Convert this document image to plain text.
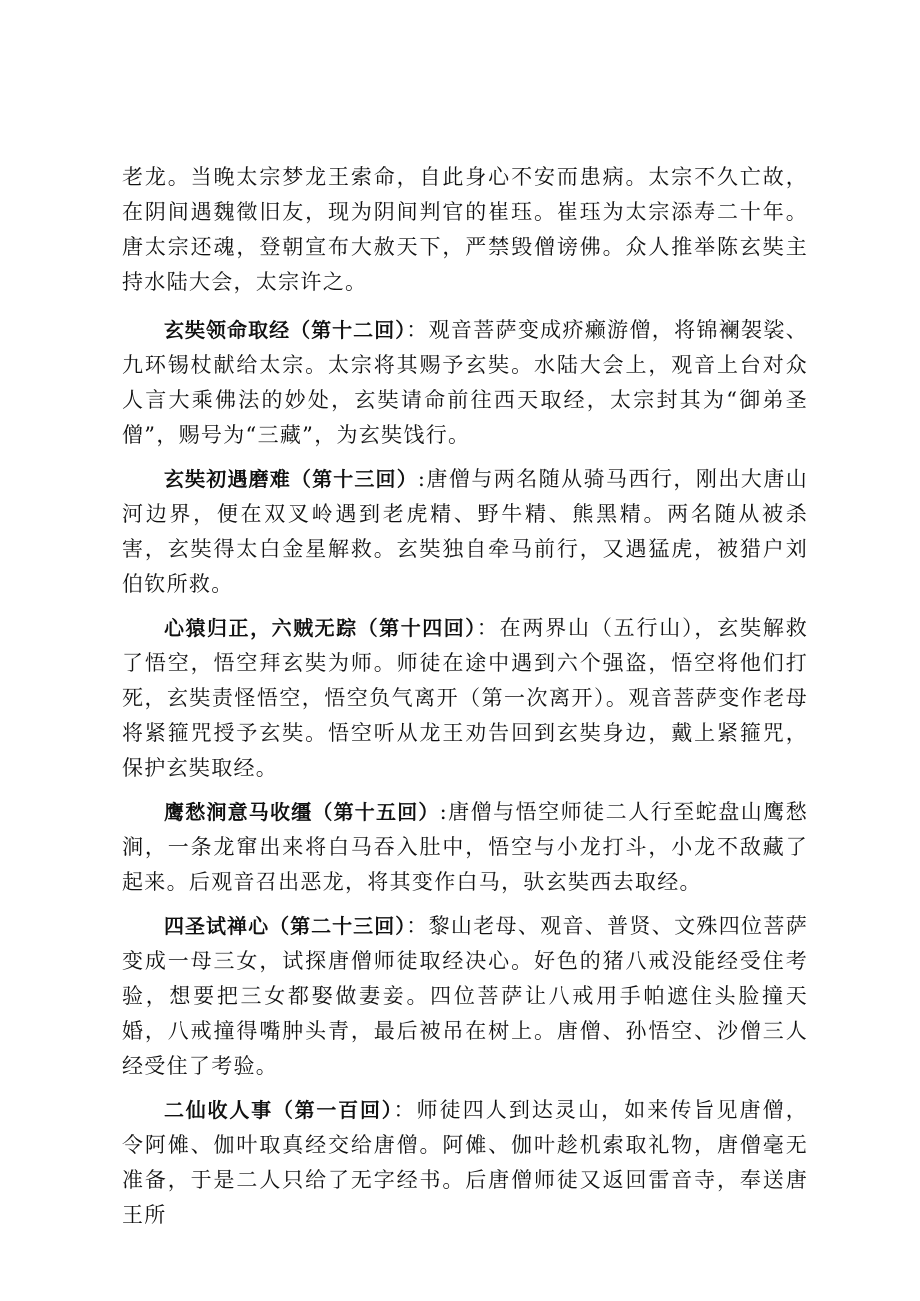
老龙。当晚太宗梦龙王索命，自此身心不安而患病。太宗不久亡故，在阴间遇魏徵旧友，现为阴间判官的崔珏。崔珏为太宗添寿二十年。唐太宗还魂，登朝宣布大赦天下，严禁毁僧谤佛。众人推举陈玄奘主持水陆大会，太宗许之。

玄奘领命取经（第十二回）：观音菩萨变成疥癞游僧，将锦襕袈裟、九环锡杖献给太宗。太宗将其赐予玄奘。水陆大会上，观音上台对众人言大乘佛法的妙处，玄奘请命前往西天取经，太宗封其为“御弟圣僧”，赐号为“三藏”，为玄奘饯行。

玄奘初遇磨难（第十三回）:唐僧与两名随从骑马西行，刚出大唐山河边界，便在双叉岭遇到老虎精、野牛精、熊黑精。两名随从被杀害，玄奘得太白金星解救。玄奘独自牵马前行，又遇猛虎，被猎户刘伯钦所救。

心猿归正，六贼无踪（第十四回）：在两界山（五行山），玄奘解救了悟空，悟空拜玄奘为师。师徒在途中遇到六个强盗，悟空将他们打死，玄奘责怪悟空，悟空负气离开（第一次离开）。观音菩萨变作老母将紧箍咒授予玄奘。悟空听从龙王劝告回到玄奘身边，戴上紧箍咒，保护玄奘取经。

鹰愁涧意马收缰（第十五回）:唐僧与悟空师徒二人行至蛇盘山鹰愁涧，一条龙窜出来将白马吞入肚中，悟空与小龙打斗，小龙不敌藏了起来。后观音召出恶龙，将其变作白马，驮玄奘西去取经。

四圣试禅心（第二十三回）：黎山老母、观音、普贤、文殊四位菩萨变成一母三女，试探唐僧师徒取经决心。好色的猪八戒没能经受住考验，想要把三女都娶做妻妾。四位菩萨让八戒用手帕遮住头脸撞天婚，八戒撞得嘴肿头青，最后被吊在树上。唐僧、孙悟空、沙僧三人经受住了考验。

二仙收人事（第一百回）：师徒四人到达灵山，如来传旨见唐僧，令阿傩、伽叶取真经交给唐僧。阿傩、伽叶趁机索取礼物，唐僧毫无准备，于是二人只给了无字经书。后唐僧师徒又返回雷音寺，奉送唐王所
